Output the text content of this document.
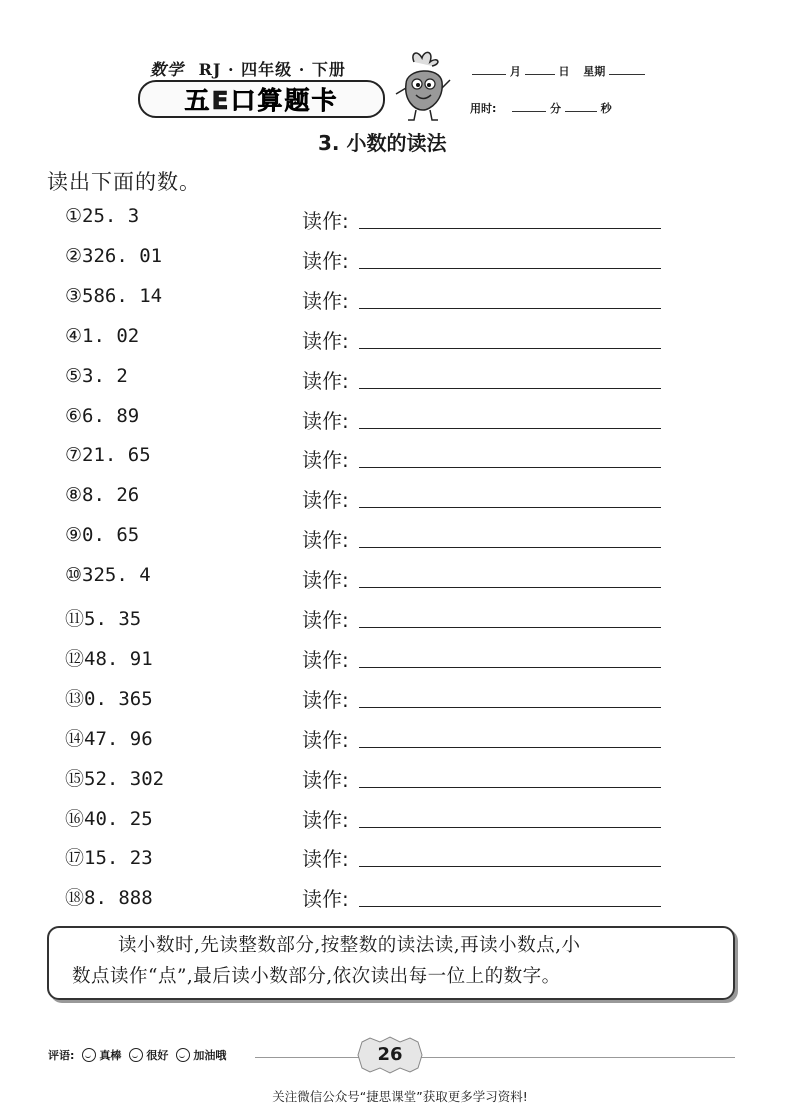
数学 RJ · 四年级 · 下册
五E口算题卡
月	日 星期
用时:	分	秒
3. 小数的读法
读出下面的数。
①25. 3	读作:
②326. 01	读作:
③586. 14	读作:
④1. 02	读作:
⑤3. 2	读作:
⑥6. 89	读作:
⑦21. 65	读作:
⑧8. 26	读作:
⑨0. 65	读作:
⑩325. 4	读作:
⑪5. 35	读作:
⑫48. 91	读作:
⑬0. 365	读作:
⑭47. 96	读作:
⑮52. 302	读作:
⑯40. 25	读作:
⑰15. 23	读作:
⑱8. 888	读作:
读小数时,先读整数部分,按整数的读法读,再读小数点,小
数点读作“点”,最后读小数部分,依次读出每一位上的数字。
评语: 真棒 很好 加油哦	26
关注微信公众号“捷思课堂”获取更多学习资料!
